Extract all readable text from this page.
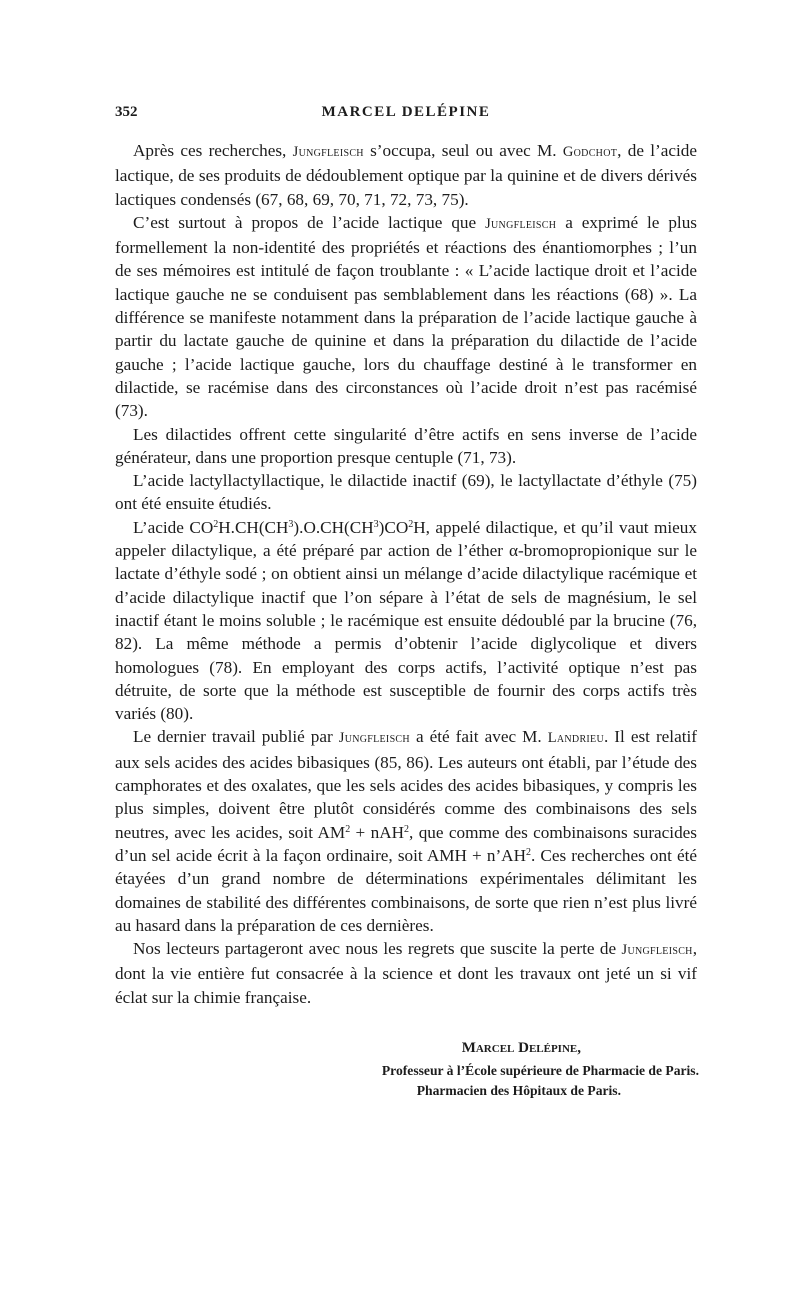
352	MARCEL DELÉPINE

Après ces recherches, Jungfleisch s’occupa, seul ou avec M. Godchot, de l’acide lactique, de ses produits de dédoublement optique par la quinine et de divers dérivés lactiques condensés (67, 68, 69, 70, 71, 72, 73, 75).

C’est surtout à propos de l’acide lactique que Jungfleisch a exprimé le plus formellement la non-identité des propriétés et réactions des énantiomorphes ; l’un de ses mémoires est intitulé de façon troublante : « L’acide lactique droit et l’acide lactique gauche ne se conduisent pas semblablement dans les réactions (68) ». La différence se manifeste notamment dans la préparation de l’acide lactique gauche à partir du lactate gauche de quinine et dans la préparation du dilactide de l’acide gauche ; l’acide lactique gauche, lors du chauffage destiné à le transformer en dilactide, se racémise dans des circonstances où l’acide droit n’est pas racémisé (73).

Les dilactides offrent cette singularité d’être actifs en sens inverse de l’acide générateur, dans une proportion presque centuple (71, 73).

L’acide lactyllactyllactique, le dilactide inactif (69), le lactyllactate d’éthyle (75) ont été ensuite étudiés.

L’acide $CO^2H.CH(CH^3).O.CH(CH^3)CO^2H$, appelé dilactique, et qu’il vaut mieux appeler dilactylique, a été préparé par action de l’éther α-bromopropionique sur le lactate d’éthyle sodé ; on obtient ainsi un mélange d’acide dilactylique racémique et d’acide dilactylique inactif que l’on sépare à l’état de sels de magnésium, le sel inactif étant le moins soluble ; le racémique est ensuite dédoublé par la brucine (76, 82). La même méthode a permis d’obtenir l’acide diglycolique et divers homologues (78). En employant des corps actifs, l’activité optique n’est pas détruite, de sorte que la méthode est susceptible de fournir des corps actifs très variés (80).

Le dernier travail publié par Jungfleisch a été fait avec M. Landrieu. Il est relatif aux sels acides des acides bibasiques (85, 86). Les auteurs ont établi, par l’étude des camphorates et des oxalates, que les sels acides des acides bibasiques, y compris les plus simples, doivent être plutôt considérés comme des combinaisons des sels neutres, avec les acides, soit $AM^2 + nAH^2$, que comme des combinaisons suracides d’un sel acide écrit à la façon ordinaire, soit AMH + $n’AH^2$. Ces recherches ont été étayées d’un grand nombre de déterminations expérimentales délimitant les domaines de stabilité des différentes combinaisons, de sorte que rien n’est plus livré au hasard dans la préparation de ces dernières.

Nos lecteurs partageront avec nous les regrets que suscite la perte de Jungfleisch, dont la vie entière fut consacrée à la science et dont les travaux ont jeté un si vif éclat sur la chimie française.

Marcel Delépine,
Professeur à l’École supérieure de Pharmacie de Paris.
Pharmacien des Hôpitaux de Paris.
